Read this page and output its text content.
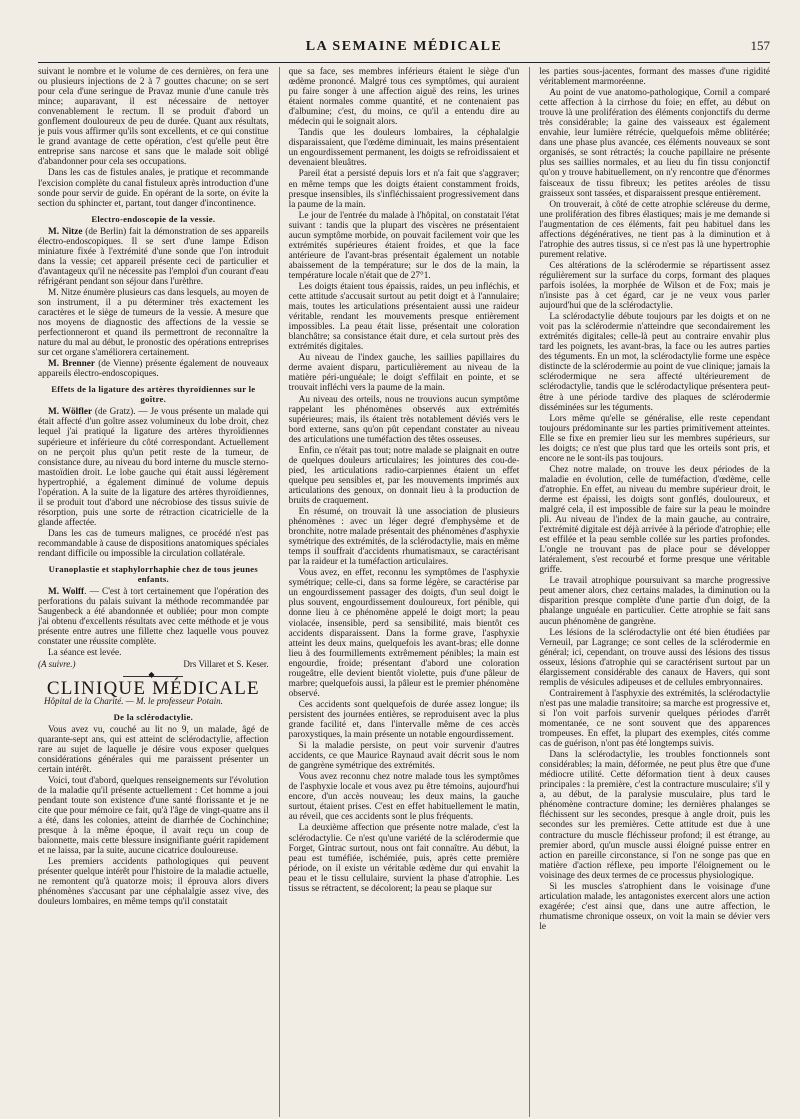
LA SEMAINE MÉDICALE	157

suivant le nombre et le volume de ces dernières, on fera une ou plusieurs injections de 2 à 7 gouttes chacune; on se sert pour cela d'une seringue de Pravaz munie d'une canule très mince; auparavant, il est nécessaire de nettoyer convenablement le rectum. Il se produit d'abord un gonflement douloureux de peu de durée. Quant aux résultats, je puis vous affirmer qu'ils sont excellents, et ce qui constitue le grand avantage de cette opération, c'est qu'elle peut être entreprise sans narcose et sans que le malade soit obligé d'abandonner pour cela ses occupations.

Dans les cas de fistules anales, je pratique et recommande l'excision complète du canal fistuleux après introduction d'une sonde pour servir de guide. En opérant de la sorte, on évite la section du sphincter et, partant, tout danger d'incontinence.

Electro-endoscopie de la vessie.

M. Nitze (de Berlin) fait la démonstration de ses appareils électro-endoscopiques. Il se sert d'une lampe Edison miniature fixée à l'extrémité d'une sonde que l'on introduit dans la vessie; cet appareil présente ceci de particulier et d'avantageux qu'il ne nécessite pas l'emploi d'un courant d'eau réfrigérant pendant son séjour dans l'urèthre.

M. Nitze énumère plusieurs cas dans lesquels, au moyen de son instrument, il a pu déterminer très exactement les caractères et le siège de tumeurs de la vessie. A mesure que nos moyens de diagnostic des affections de la vessie se perfectionneront et quand ils permettront de reconnaître la nature du mal au début, le pronostic des opérations entreprises sur cet organe s'améliorera certainement.

M. Brenner (de Vienne) présente également de nouveaux appareils électro-endoscopiques.

Effets de la ligature des artères thyroïdiennes sur le goître.

M. Wölfler (de Gratz). — Je vous présente un malade qui était affecté d'un goître assez volumineux du lobe droit, chez lequel j'ai pratiqué la ligature des artères thyroïdiennes supérieure et inférieure du côté correspondant. Actuellement on ne perçoit plus qu'un petit reste de la tumeur, de consistance dure, au niveau du bord interne du muscle sterno-mastoïdien droit. Le lobe gauche qui était aussi légèrement hypertrophié, a également diminué de volume depuis l'opération. A la suite de la ligature des artères thyroïdiennes, il se produit tout d'abord une nécrobiose des tissus suivie de résorption, puis une sorte de rétraction cicatricielle de la glande affectée.

Dans les cas de tumeurs malignes, ce procédé n'est pas recommandable à cause de dispositions anatomiques spéciales rendant difficile ou impossible la circulation collatérale.

Uranoplastie et staphylorrhaphie chez de tous jeunes enfants.

M. Wolff. — C'est à tort certainement que l'opération des perforations du palais suivant la méthode recommandée par Saugenbeck a été abandonnée et oubliée; pour mon compte j'ai obtenu d'excellents résultats avec cette méthode et je vous présente entre autres une fillette chez laquelle vous pouvez constater une réussite complète.

La séance est levée.

(A suivre.)	Drs Villaret et S. Keser.
◆
CLINIQUE MÉDICALE
Hôpital de la Charité. — M. le professeur Potain.
De la sclérodactylie.

Vous avez vu, couché au lit no 9, un malade, âgé de quarante-sept ans, qui est atteint de sclérodactylie, affection rare au sujet de laquelle je désire vous exposer quelques considérations générales qui me paraissent présenter un certain intérêt.

Voici, tout d'abord, quelques renseignements sur l'évolution de la maladie qu'il présente actuellement : Cet homme a joui pendant toute son existence d'une santé florissante et je ne cite que pour mémoire ce fait, qu'à l'âge de vingt-quatre ans il a été, dans les colonies, atteint de diarrhée de Cochinchine; presque à la même époque, il avait reçu un coup de baïonnette, mais cette blessure insignifiante guérit rapidement et ne laissa, par la suite, aucune cicatrice douloureuse.

Les premiers accidents pathologiques qui peuvent présenter quelque intérêt pour l'histoire de la maladie actuelle, ne remontent qu'à quatorze mois; il éprouva alors divers phénomènes s'accusant par une céphalalgie assez vive, des douleurs lombaires, en même temps qu'il constatait

que sa face, ses membres inférieurs étaient le siège d'un œdème prononcé. Malgré tous ces symptômes, qui auraient pu faire songer à une affection aiguë des reins, les urines étaient normales comme quantité, et ne contenaient pas d'albumine; c'est, du moins, ce qu'il a entendu dire au médecin qui le soignait alors.

Tandis que les douleurs lombaires, la céphalalgie disparaissaient, que l'œdème diminuait, les mains présentaient un engourdissement permanent, les doigts se refroidissaient et devenaient bleuâtres.

Pareil état a persisté depuis lors et n'a fait que s'aggraver; en même temps que les doigts étaient constamment froids, presque insensibles, ils s'infléchissaient progressivement dans la paume de la main.

Le jour de l'entrée du malade à l'hôpital, on constatait l'état suivant : tandis que la plupart des viscères ne présentaient aucun symptôme morbide, on pouvait facilement voir que les extrémités supérieures étaient froides, et que la face antérieure de l'avant-bras présentait également un notable abaissement de la température; sur le dos de la main, la température locale n'était que de 27°1.

Les doigts étaient tous épaissis, raides, un peu infléchis, et cette attitude s'accusait surtout au petit doigt et à l'annulaire; mais, toutes les articulations présentaient aussi une raideur véritable, rendant les mouvements presque entièrement impossibles. La peau était lisse, présentait une coloration blanchâtre; sa consistance était dure, et cela surtout près des extrémités digitales.

Au niveau de l'index gauche, les saillies papillaires du derme avaient disparu, particulièrement au niveau de la matière péri-unguéale; le doigt s'effilait en pointe, et se trouvait infléchi vers la paume de la main.

Au niveau des orteils, nous ne trouvions aucun symptôme rappelant les phénomènes observés aux extrémités supérieures; mais, ils étaient très notablement déviés vers le bord externe, sans qu'on pût cependant constater au niveau des articulations une tuméfaction des têtes osseuses.

Enfin, ce n'était pas tout; notre malade se plaignait en outre de quelques douleurs articulaires; les jointures des cou-de-pied, les articulations radio-carpiennes étaient un effet quelque peu sensibles et, par les mouvements imprimés aux articulations des genoux, on donnait lieu à la production de bruits de craquement.

En résumé, on trouvait là une association de plusieurs phénomènes : avec un léger degré d'emphysème et de bronchite, notre malade présentait des phénomènes d'asphyxie symétrique des extrémités, de la sclérodactylie, mais en même temps il souffrait d'accidents rhumatismaux, se caractérisant par la raideur et la tuméfaction articulaires.

Vous avez, en effet, reconnu les symptômes de l'asphyxie symétrique; celle-ci, dans sa forme légère, se caractérise par un engourdissement passager des doigts, d'un seul doigt le plus souvent, engourdissement douloureux, fort pénible, qui donne lieu à ce phénomène appelé le doigt mort; la peau violacée, insensible, perd sa sensibilité, mais bientôt ces accidents disparaissent. Dans la forme grave, l'asphyxie atteint les deux mains, quelquefois les avant-bras; elle donne lieu à des fourmillements extrêmement pénibles; la main est engourdie, froide; présentant d'abord une coloration rougeâtre, elle devient bientôt violette, puis d'une pâleur de marbre; quelquefois aussi, la pâleur est le premier phénomène observé.

Ces accidents sont quelquefois de durée assez longue; ils persistent des journées entières, se reproduisent avec la plus grande facilité et, dans l'intervalle même de ces accès paroxystiques, la main présente un notable engourdissement.

Si la maladie persiste, on peut voir survenir d'autres accidents, ce que Maurice Raynaud avait décrit sous le nom de gangrène symétrique des extrémités.

Vous avez reconnu chez notre malade tous les symptômes de l'asphyxie locale et vous avez pu être témoins, aujourd'hui encore, d'un accès nouveau; les deux mains, la gauche surtout, étaient prises. C'est en effet habituellement le matin, au réveil, que ces accidents sont le plus fréquents.

La deuxième affection que présente notre malade, c'est la sclérodactylie. Ce n'est qu'une variété de la sclérodermie que Forget, Gintrac surtout, nous ont fait connaître. Au début, la peau est tuméfiée, ischémiée, puis, après cette première période, on il existe un véritable œdème dur qui envahit la peau et le tissu cellulaire, survient la phase d'atrophie. Les tissus se rétractent, se décolorent; la peau se plaque sur

les parties sous-jacentes, formant des masses d'une rigidité véritablement marmoréenne.

Au point de vue anatomo-pathologique, Cornil a comparé cette affection à la cirrhose du foie; en effet, au début on trouve là une prolifération des éléments conjonctifs du derme très considérable; la gaine des vaisseaux est également envahie, leur lumière rétrécie, quelquefois même oblitérée; dans une phase plus avancée, ces éléments nouveaux se sont organisés, se sont rétractés; la couche papillaire ne présente plus ses saillies normales, et au lieu du fin tissu conjonctif qu'on y trouve habituellement, on n'y rencontre que d'énormes faisceaux de tissu fibreux; les petites aréoles de tissu graisseux sont tassées, et disparaissent presque entièrement.

On trouverait, à côté de cette atrophie scléreuse du derme, une prolifération des fibres élastiques; mais je me demande si l'augmentation de ces éléments, fait peu habituel dans les affections dégénératives, ne tient pas à la diminution et à l'atrophie des autres tissus, si ce n'est pas là une hypertrophie purement relative.

Ces altérations de la sclérodermie se répartissent assez régulièrement sur la surface du corps, formant des plaques parfois isolées, la morphée de Wilson et de Fox; mais je n'insiste pas à cet égard, car je ne veux vous parler aujourd'hui que de la sclérodactylie.

La sclérodactylie débute toujours par les doigts et on ne voit pas la sclérodermie n'atteindre que secondairement les extrémités digitales; celle-là peut au contraire envahir plus tard les poignets, les avant-bras, la face ou les autres parties des téguments. En un mot, la sclérodactylie forme une espèce distincte de la sclérodermie au point de vue clinique; jamais la sclérodermique ne sera affecté ultérieurement de sclérodactylie, tandis que le sclérodactylique présentera peut-être à une période tardive des plaques de sclérodermie disséminées sur les téguments.

Lors même qu'elle se généralise, elle reste cependant toujours prédominante sur les parties primitivement atteintes. Elle se fixe en premier lieu sur les membres supérieurs, sur les doigts; ce n'est que plus tard que les orteils sont pris, et encore ne le sont-ils pas toujours.

Chez notre malade, on trouve les deux périodes de la maladie en évolution, celle de tuméfaction, d'œdème, celle d'atrophie. En effet, au niveau du membre supérieur droit, le derme est épaissi, les doigts sont gonflés, douloureux, et malgré cela, il est impossible de faire sur la peau le moindre pli. Au niveau de l'index de la main gauche, au contraire, l'extrémité digitale est déjà arrivée à la période d'atrophie; elle est effilée et la peau semble collée sur les parties profondes. L'ongle ne trouvant pas de place pour se développer latéralement, s'est recourbé et forme presque une véritable griffe.

Le travail atrophique poursuivant sa marche progressive peut amener alors, chez certains malades, la diminution ou la disparition presque complète d'une partie d'un doigt, de la phalange unguéale en particulier. Cette atrophie se fait sans aucun phénomène de gangrène.

Les lésions de la sclérodactylie ont été bien étudiées par Verneuil, par Lagrange; ce sont celles de la sclérodermie en général; ici, cependant, on trouve aussi des lésions des tissus osseux, lésions d'atrophie qui se caractérisent surtout par un élargissement considérable des canaux de Havers, qui sont remplis de vésicules adipeuses et de cellules embryonnaires.

Contrairement à l'asphyxie des extrémités, la sclérodactylie n'est pas une maladie transitoire; sa marche est progressive et, si l'on voit parfois survenir quelques périodes d'arrêt momentanée, ce ne sont souvent que des apparences trompeuses. En effet, la plupart des exemples, cités comme cas de guérison, n'ont pas été longtemps suivis.

Dans la sclérodactylie, les troubles fonctionnels sont considérables; la main, déformée, ne peut plus être que d'une médiocre utilité. Cette déformation tient à deux causes principales : la première, c'est la contracture musculaire; s'il y a, au début, de la paralysie musculaire, plus tard le phénomène contracture domine; les dernières phalanges se fléchissent sur les secondes, presque à angle droit, puis les secondes sur les premières. Cette attitude est due à une contracture du muscle fléchisseur profond; il est étrange, au premier abord, qu'un muscle aussi éloigné puisse entrer en action en pareille circonstance, si l'on ne songe pas que en matière d'action réflexe, peu importe l'éloignement ou le voisinage des deux termes de ce processus physiologique.

Si les muscles s'atrophient dans le voisinage d'une articulation malade, les antagonistes exercent alors une action exagérée; c'est ainsi que, dans une autre affection, le rhumatisme chronique osseux, on voit la main se dévier vers le
